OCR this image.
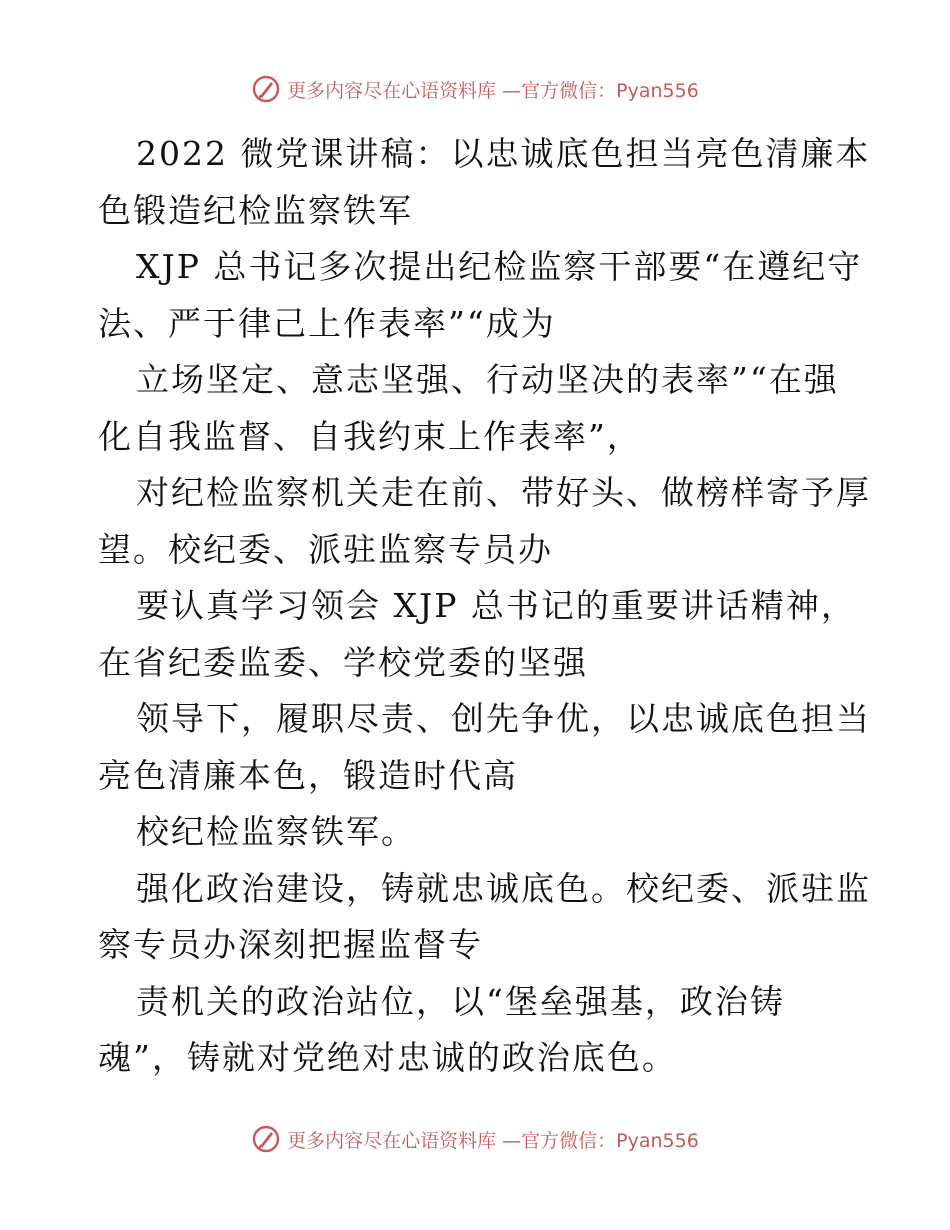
更多内容尽在心语资料库 —官方微信：Pyan556
2022 微党课讲稿：以忠诚底色担当亮色清廉本
色锻造纪检监察铁军
XJP 总书记多次提出纪检监察干部要“在遵纪守
法、严于律己上作表率”“成为
立场坚定、意志坚强、行动坚决的表率”“在强
化自我监督、自我约束上作表率”，
对纪检监察机关走在前、带好头、做榜样寄予厚
望。校纪委、派驻监察专员办
要认真学习领会 XJP 总书记的重要讲话精神，
在省纪委监委、学校党委的坚强
领导下，履职尽责、创先争优，以忠诚底色担当
亮色清廉本色，锻造时代高
校纪检监察铁军。
强化政治建设，铸就忠诚底色。校纪委、派驻监
察专员办深刻把握监督专
责机关的政治站位，以“堡垒强基，政治铸
魂”，铸就对党绝对忠诚的政治底色。
更多内容尽在心语资料库 —官方微信：Pyan556
